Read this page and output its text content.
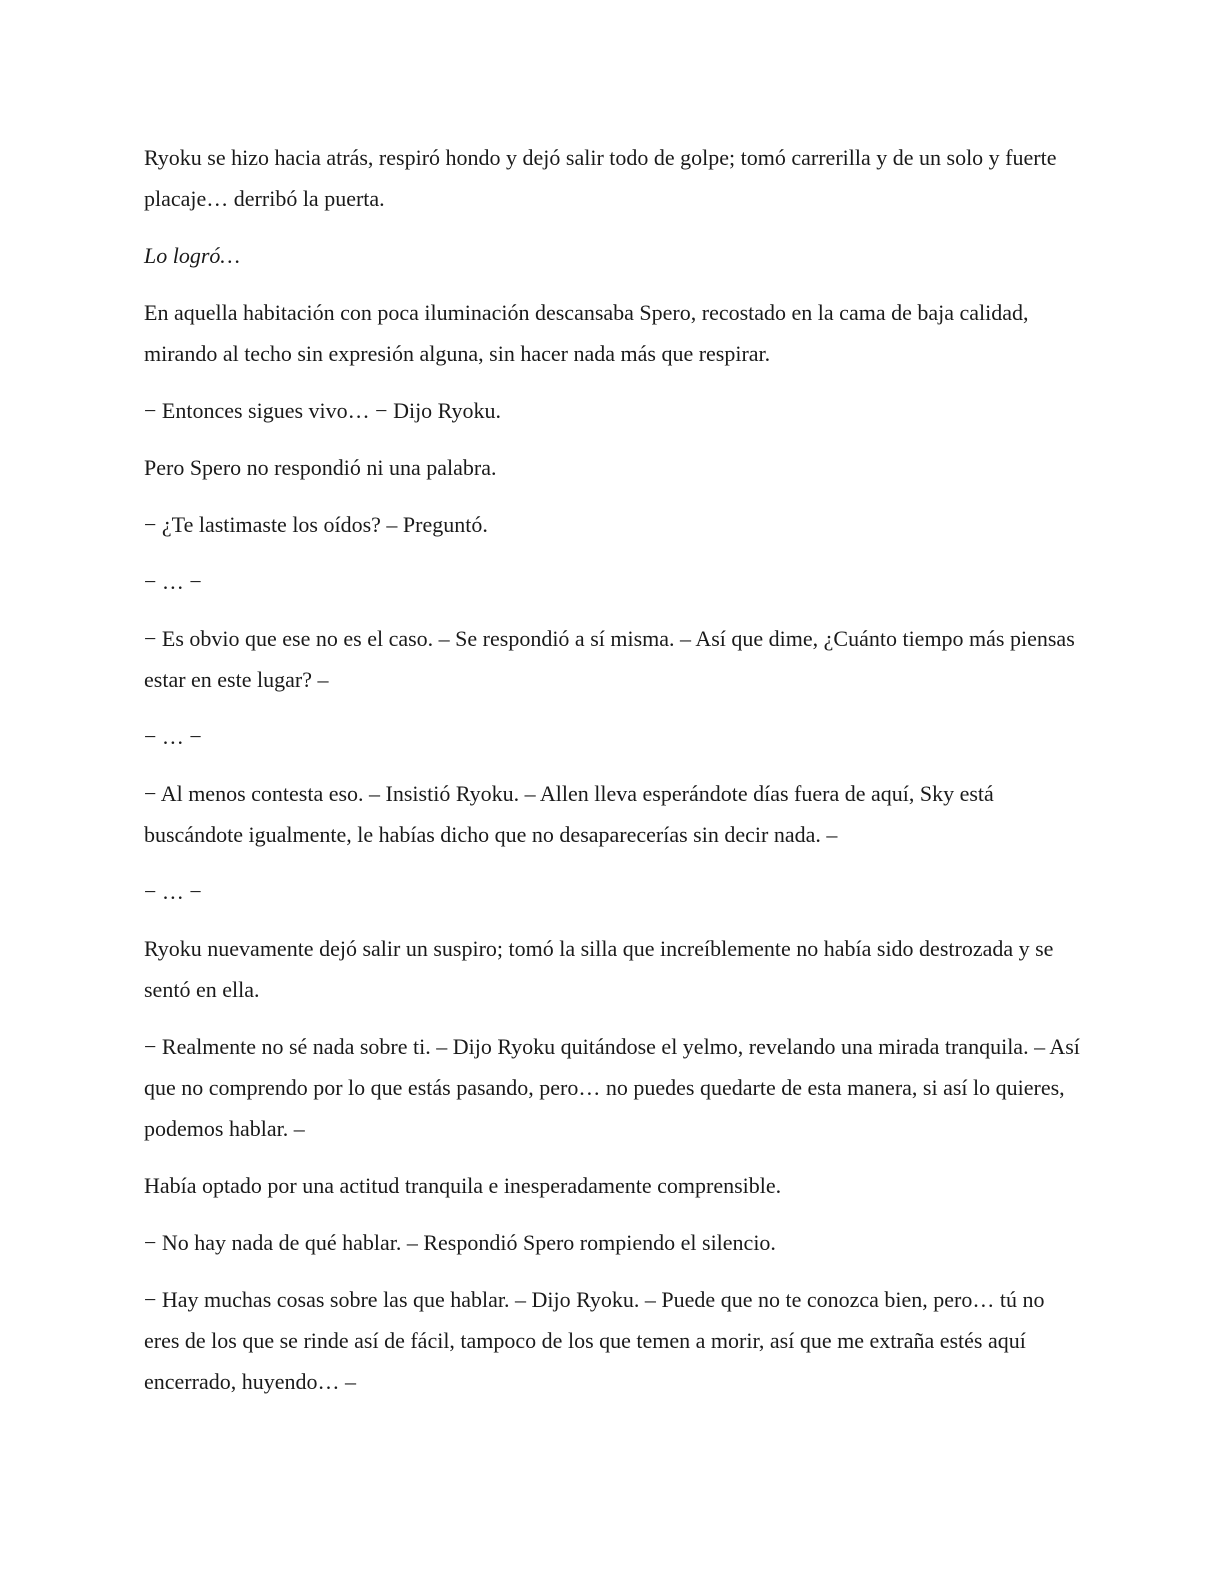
Ryoku se hizo hacia atrás, respiró hondo y dejó salir todo de golpe; tomó carrerilla y de un solo y fuerte placaje… derribó la puerta.

Lo logró…

En aquella habitación con poca iluminación descansaba Spero, recostado en la cama de baja calidad, mirando al techo sin expresión alguna, sin hacer nada más que respirar.

− Entonces sigues vivo… − Dijo Ryoku.

Pero Spero no respondió ni una palabra.

− ¿Te lastimaste los oídos? – Preguntó.

− … −

− Es obvio que ese no es el caso. – Se respondió a sí misma. – Así que dime, ¿Cuánto tiempo más piensas estar en este lugar? –

− … −

− Al menos contesta eso. – Insistió Ryoku. – Allen lleva esperándote días fuera de aquí, Sky está buscándote igualmente, le habías dicho que no desaparecerías sin decir nada. –

− … −

Ryoku nuevamente dejó salir un suspiro; tomó la silla que increíblemente no había sido destrozada y se sentó en ella.

− Realmente no sé nada sobre ti. – Dijo Ryoku quitándose el yelmo, revelando una mirada tranquila. – Así que no comprendo por lo que estás pasando, pero… no puedes quedarte de esta manera, si así lo quieres, podemos hablar. –

Había optado por una actitud tranquila e inesperadamente comprensible.

− No hay nada de qué hablar. – Respondió Spero rompiendo el silencio.

− Hay muchas cosas sobre las que hablar. – Dijo Ryoku. – Puede que no te conozca bien, pero… tú no eres de los que se rinde así de fácil, tampoco de los que temen a morir, así que me extraña estés aquí encerrado, huyendo… –
